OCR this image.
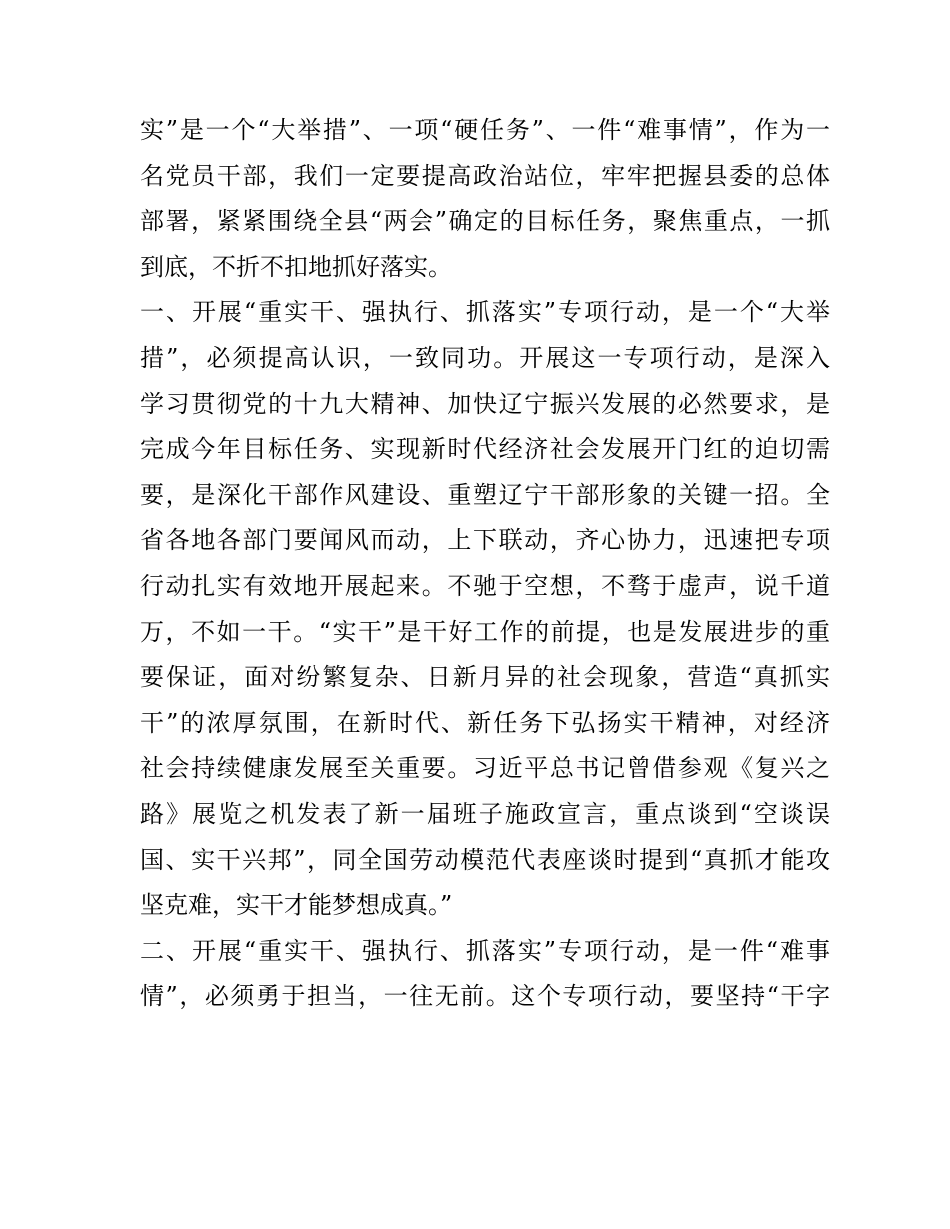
实”是一个“大举措”、一项“硬任务”、一件“难事情”，作为一
名党员干部，我们一定要提高政治站位，牢牢把握县委的总体
部署，紧紧围绕全县“两会”确定的目标任务，聚焦重点，一抓
到底，不折不扣地抓好落实。
一、开展“重实干、强执行、抓落实”专项行动，是一个“大举
措”，必须提高认识，一致同功。开展这一专项行动，是深入
学习贯彻党的十九大精神、加快辽宁振兴发展的必然要求，是
完成今年目标任务、实现新时代经济社会发展开门红的迫切需
要，是深化干部作风建设、重塑辽宁干部形象的关键一招。全
省各地各部门要闻风而动，上下联动，齐心协力，迅速把专项
行动扎实有效地开展起来。不驰于空想，不骛于虚声，说千道
万，不如一干。“实干”是干好工作的前提，也是发展进步的重
要保证，面对纷繁复杂、日新月异的社会现象，营造“真抓实
干”的浓厚氛围，在新时代、新任务下弘扬实干精神，对经济
社会持续健康发展至关重要。习近平总书记曾借参观《复兴之
路》展览之机发表了新一届班子施政宣言，重点谈到“空谈误
国、实干兴邦”，同全国劳动模范代表座谈时提到“真抓才能攻
坚克难，实干才能梦想成真。”
二、开展“重实干、强执行、抓落实”专项行动，是一件“难事
情”，必须勇于担当，一往无前。这个专项行动，要坚持“干字
